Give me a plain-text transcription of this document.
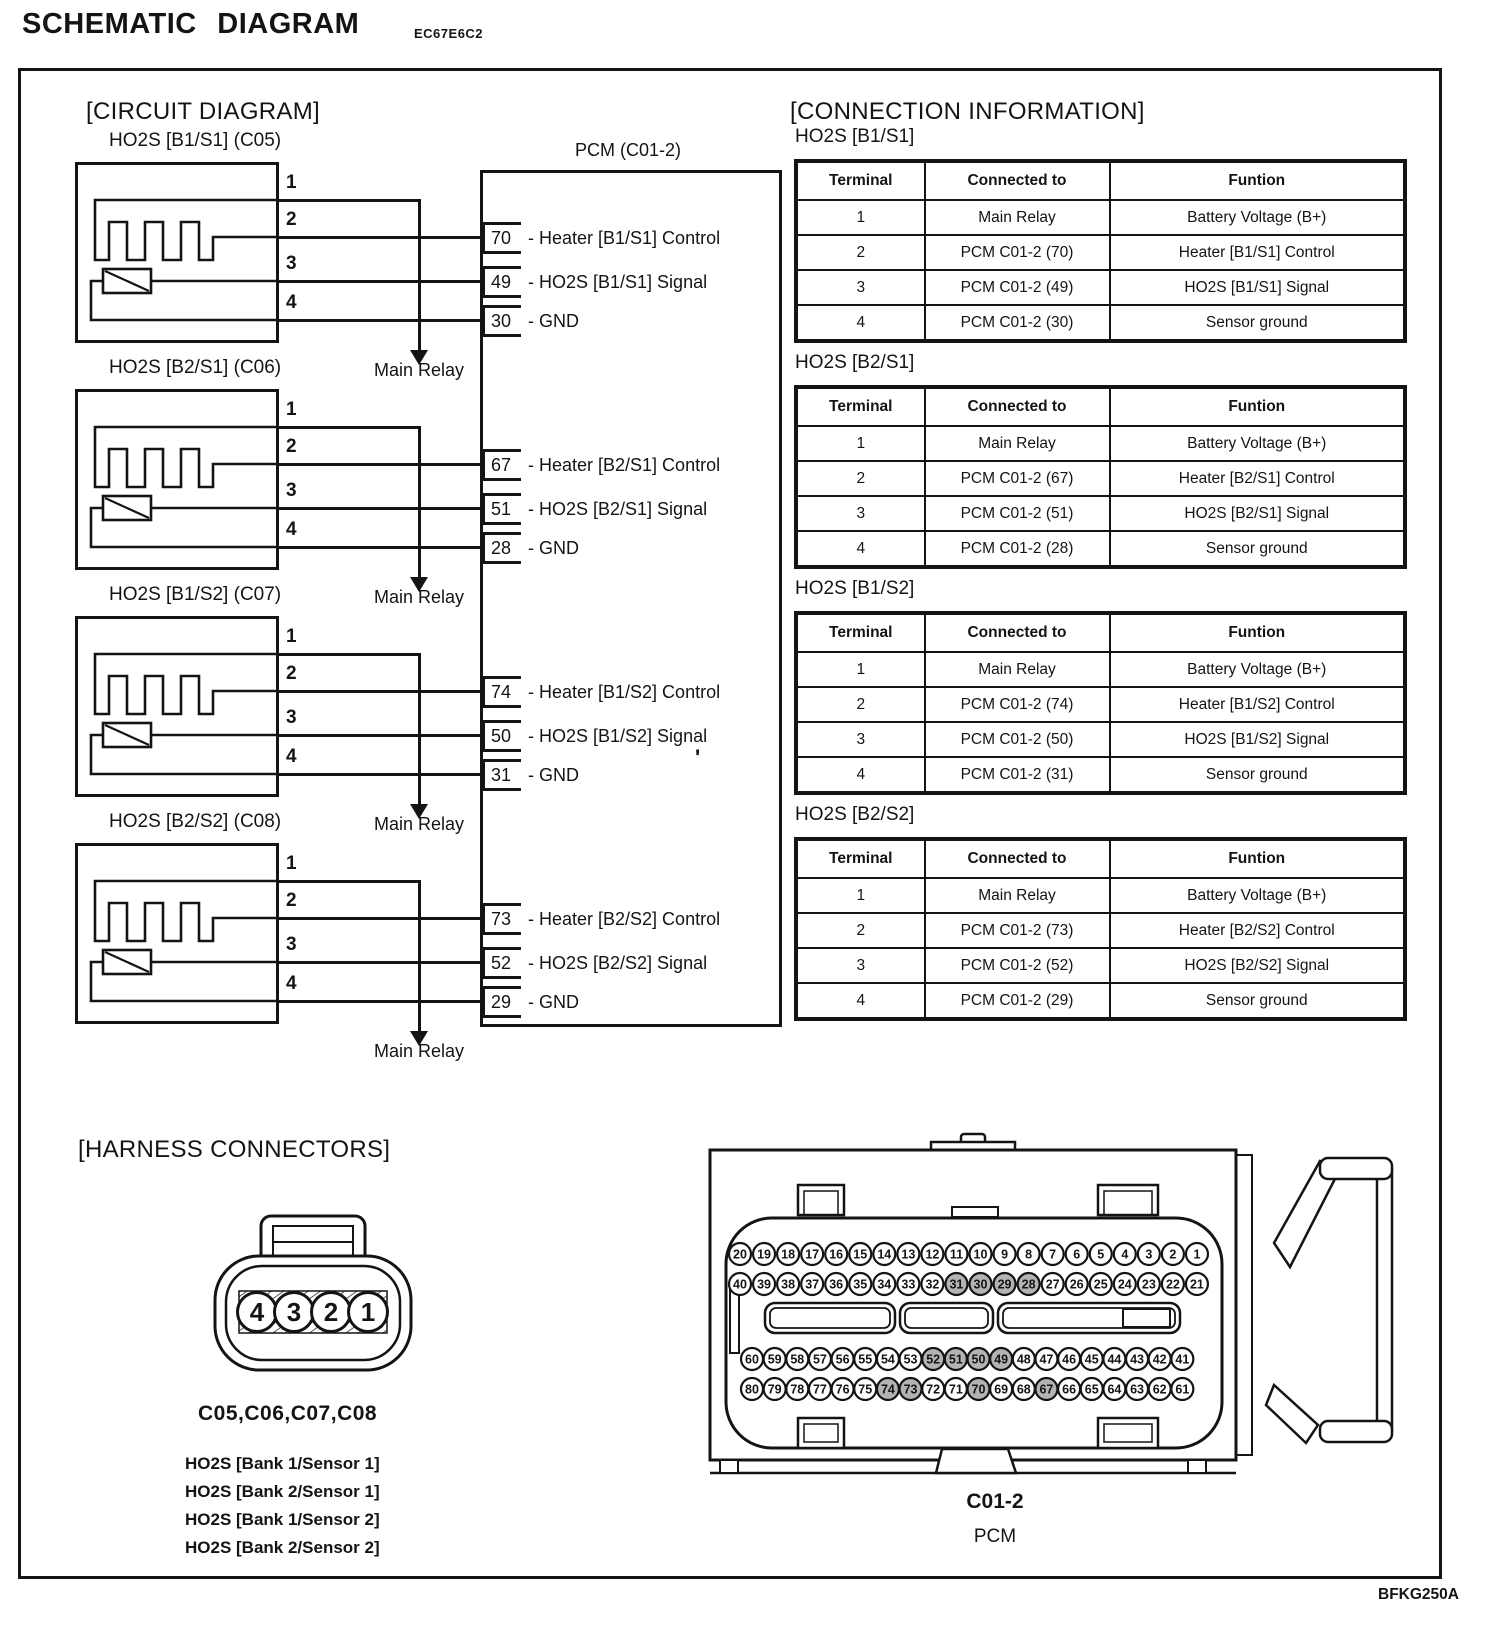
SCHEMATIC DIAGRAM	EC67E6C2
[CIRCUIT DIAGRAM]	[CONNECTION INFORMATION]
PCM (C01-2)
HO2S [B1/S1] (C05)
Main Relay
1
2
70 - Heater [B1/S1] Control
3
49 - HO2S [B1/S1] Signal
4
30 - GND
HO2S [B2/S1] (C06)
Main Relay
1
2
67 - Heater [B2/S1] Control
3
51 - HO2S [B2/S1] Signal
4
28 - GND
HO2S [B1/S2] (C07)
Main Relay
1
2
74 - Heater [B1/S2] Control
3
50 - HO2S [B1/S2] Signal
4
31 - GND
HO2S [B2/S2] (C08)
Main Relay
1
2
73 - Heater [B2/S2] Control
3
52 - HO2S [B2/S2] Signal
4
29 - GND
'
HO2S [B1/S1]
Terminal	Connected to	Funtion
1	Main Relay	Battery Voltage (B+)
2	PCM C01-2 (70)	Heater [B1/S1] Control
3	PCM C01-2 (49)	HO2S [B1/S1] Signal
4	PCM C01-2 (30)	Sensor ground
HO2S [B2/S1]
Terminal	Connected to	Funtion
1	Main Relay	Battery Voltage (B+)
2	PCM C01-2 (67)	Heater [B2/S1] Control
3	PCM C01-2 (51)	HO2S [B2/S1] Signal
4	PCM C01-2 (28)	Sensor ground
HO2S [B1/S2]
Terminal	Connected to	Funtion
1	Main Relay	Battery Voltage (B+)
2	PCM C01-2 (74)	Heater [B1/S2] Control
3	PCM C01-2 (50)	HO2S [B1/S2] Signal
4	PCM C01-2 (31)	Sensor ground
HO2S [B2/S2]
Terminal	Connected to	Funtion
1	Main Relay	Battery Voltage (B+)
2	PCM C01-2 (73)	Heater [B2/S2] Control
3	PCM C01-2 (52)	HO2S [B2/S2] Signal
4	PCM C01-2 (29)	Sensor ground
[HARNESS CONNECTORS]
4 3 2 1
C05,C06,C07,C08
HO2S [Bank 1/Sensor 1]
HO2S [Bank 2/Sensor 1]
HO2S [Bank 1/Sensor 2]
HO2S [Bank 2/Sensor 2]
20 19 18 17 16 15 14 13 12 11 10 9 8 7 6 5 4 3 2 1
40 39 38 37 36 35 34 33 32 31 30 29 28 27 26 25 24 23 22 21
60 59 58 57 56 55 54 53 52 51 50 49 48 47 46 45 44 43 42 41
80 79 78 77 76 75 74 73 72 71 70 69 68 67 66 65 64 63 62 61
C01-2
PCM
BFKG250A
